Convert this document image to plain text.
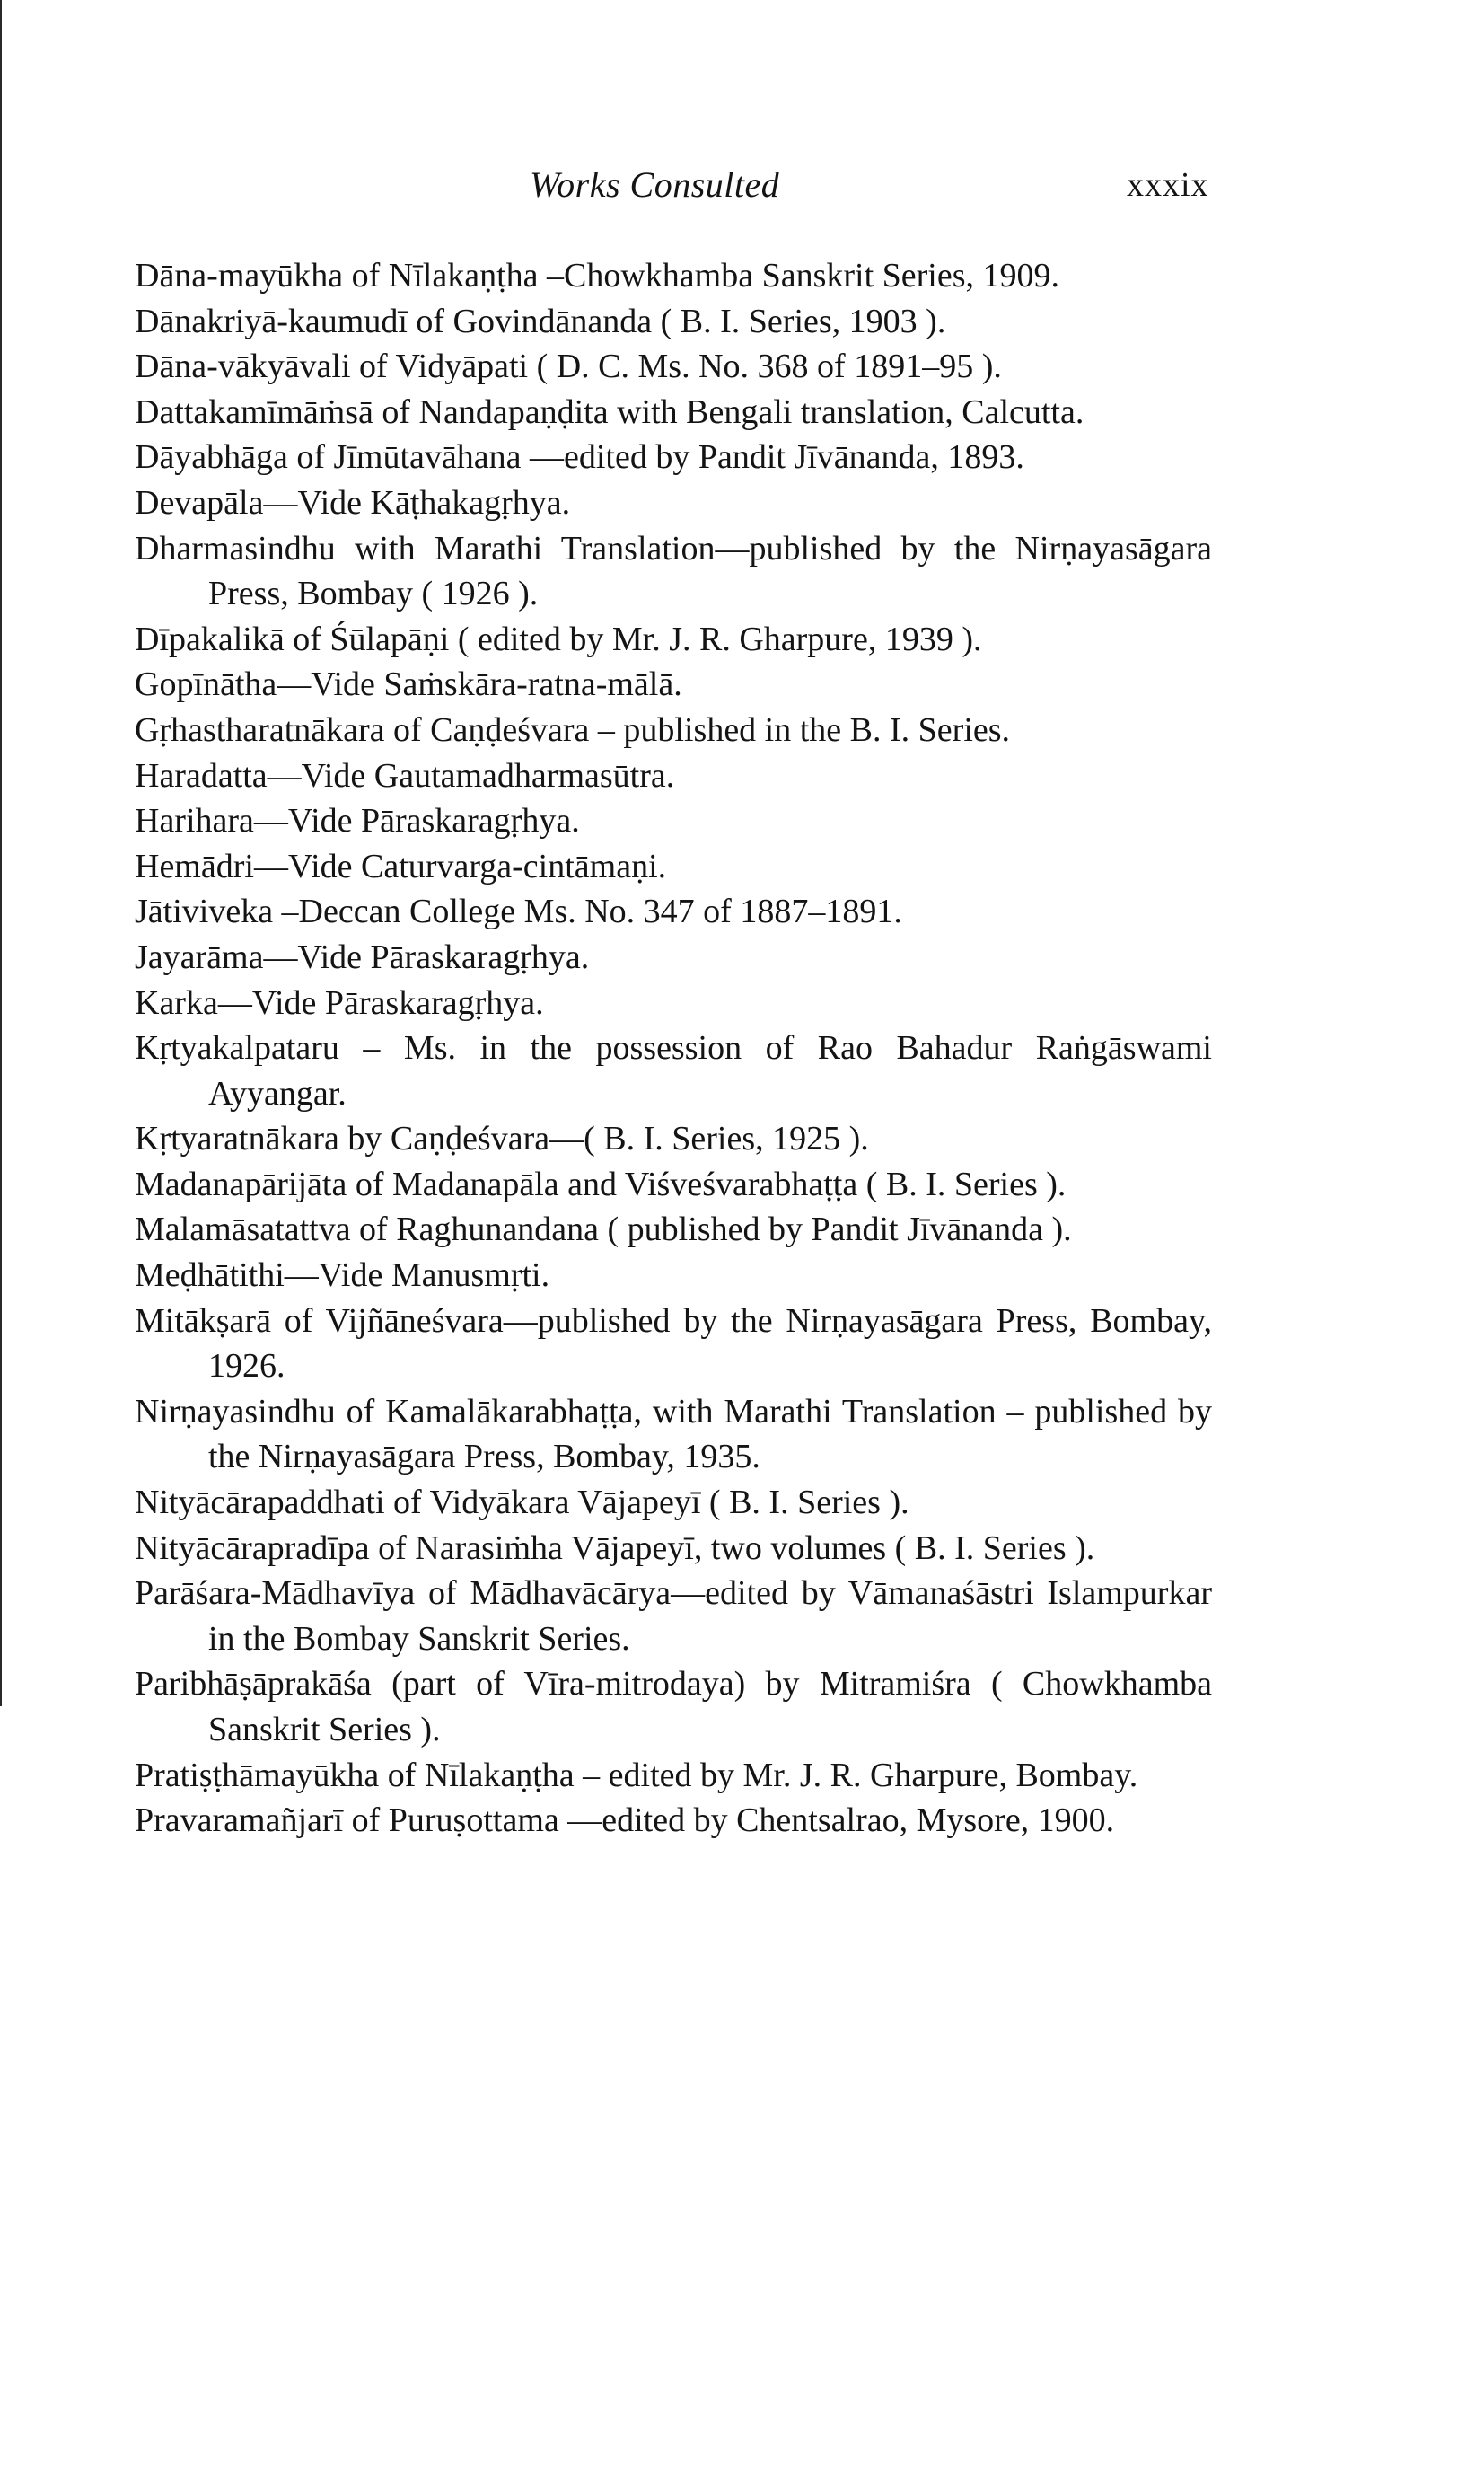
Works Consulted	xxxix
Dāna-mayūkha of Nīlakaṇṭha –Chowkhamba Sanskrit Series, 1909.
Dānakriyā-kaumudī of Govindānanda ( B. I. Series, 1903 ).
Dāna-vākyāvali of Vidyāpati ( D. C. Ms. No. 368 of 1891–95 ).
Dattakamīmāṁsā of Nandapaṇḍita with Bengali translation, Calcutta.
Dāyabhāga of Jīmūtavāhana —edited by Pandit Jīvānanda, 1893.
Devapāla—Vide Kāṭhakagṛhya.
Dharmasindhu with Marathi Translation—published by the Nirṇayasāgara Press, Bombay ( 1926 ).
Dīpakalikā of Śūlapāṇi ( edited by Mr. J. R. Gharpure, 1939 ).
Gopīnātha—Vide Saṁskāra-ratna-mālā.
Gṛhastharatnākara of Caṇḍeśvara – published in the B. I. Series.
Haradatta—Vide Gautamadharmasūtra.
Harihara—Vide Pāraskaragṛhya.
Hemādri—Vide Caturvarga-cintāmaṇi.
Jātiviveka –Deccan College Ms. No. 347 of 1887–1891.
Jayarāma—Vide Pāraskaragṛhya.
Karka—Vide Pāraskaragṛhya.
Kṛtyakalpataru – Ms. in the possession of Rao Bahadur Raṅgāswami Ayyangar.
Kṛtyaratnākara by Caṇḍeśvara—( B. I. Series, 1925 ).
Madanapārijāta of Madanapāla and Viśveśvarabhaṭṭa ( B. I. Series ).
Malamāsatattva of Raghunandana ( published by Pandit Jīvānanda ).
Meḍhātithi—Vide Manusmṛti.
Mitākṣarā of Vijñāneśvara—published by the Nirṇayasāgara Press, Bombay, 1926.
Nirṇayasindhu of Kamalākarabhaṭṭa, with Marathi Translation – published by the Nirṇayasāgara Press, Bombay, 1935.
Nityācārapaddhati of Vidyākara Vājapeyī ( B. I. Series ).
Nityācārapradīpa of Narasiṁha Vājapeyī, two volumes ( B. I. Series ).
Parāśara-Mādhavīya of Mādhavācārya—edited by Vāmanaśāstri Islampurkar in the Bombay Sanskrit Series.
Paribhāṣāprakāśa (part of Vīra-mitrodaya) by Mitramiśra ( Chowkhamba Sanskrit Series ).
Pratiṣṭhāmayūkha of Nīlakaṇṭha – edited by Mr. J. R. Gharpure, Bombay.
Pravaramañjarī of Puruṣottama —edited by Chentsalrao, Mysore, 1900.
